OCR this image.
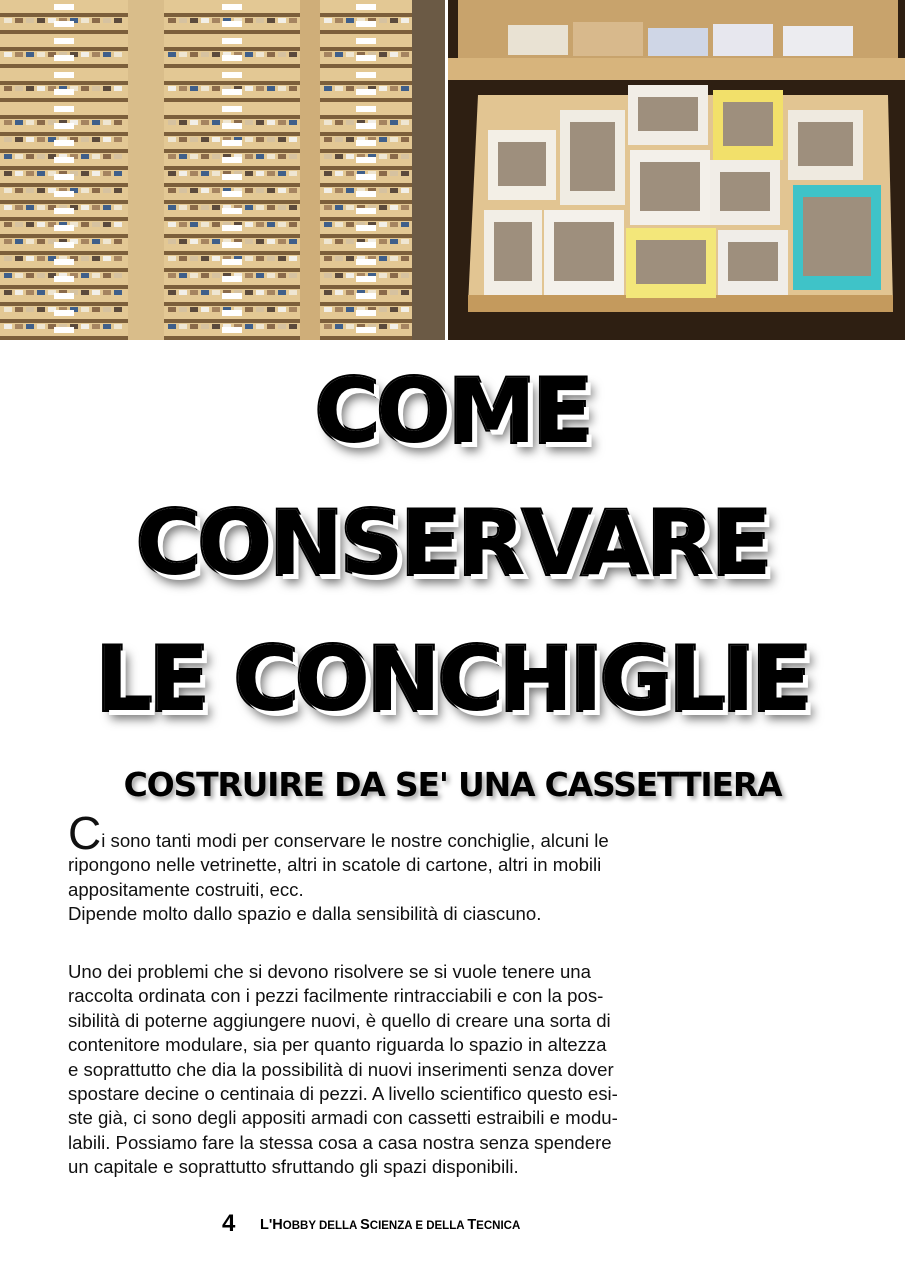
COME
CONSERVARE
LE CONCHIGLIE
COSTRUIRE DA SE' UNA CASSETTIERA
Ci sono tanti modi per conservare le nostre conchiglie, alcuni le
ripongono nelle vetrinette, altri in scatole di cartone, altri in mobili
appositamente costruiti, ecc.
Dipende molto dallo spazio e dalla sensibilità di ciascuno.
Uno dei problemi che si devono risolvere se si vuole tenere una
raccolta ordinata con i pezzi facilmente rintracciabili e con la pos-
sibilità di poterne aggiungere nuovi, è quello di creare una sorta di
contenitore modulare, sia per quanto riguarda lo spazio in altezza
e soprattutto che dia la possibilità di nuovi inserimenti senza dover
spostare decine o centinaia di pezzi. A livello scientifico questo esi-
ste già, ci sono degli appositi armadi con cassetti estraibili e modu-
labili. Possiamo fare la stessa cosa a casa nostra senza spendere
un capitale e soprattutto sfruttando gli spazi disponibili.
4 L'HOBBY DELLA SCIENZA E DELLA TECNICA
